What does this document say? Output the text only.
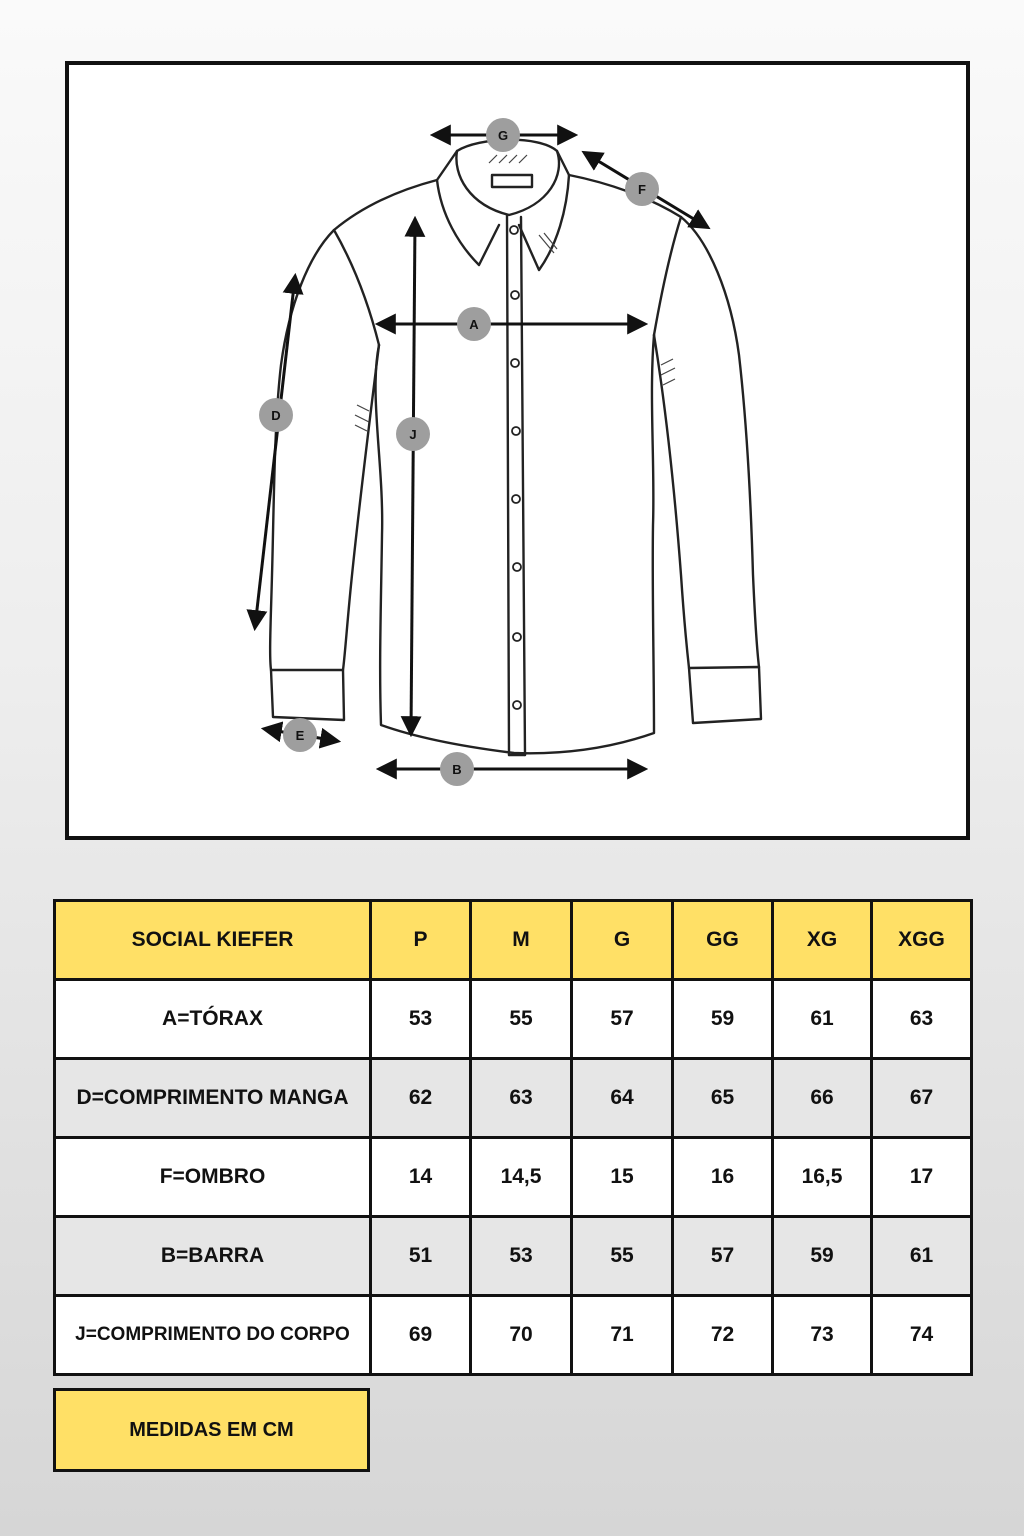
G
F
A
D
J
E
B
SOCIAL KIEFER	P	M	G	GG	XG	XGG
A=TÓRAX	53	55	57	59	61	63
D=COMPRIMENTO MANGA	62	63	64	65	66	67
F=OMBRO	14	14,5	15	16	16,5	17
B=BARRA	51	53	55	57	59	61
J=COMPRIMENTO DO CORPO	69	70	71	72	73	74
MEDIDAS EM CM
